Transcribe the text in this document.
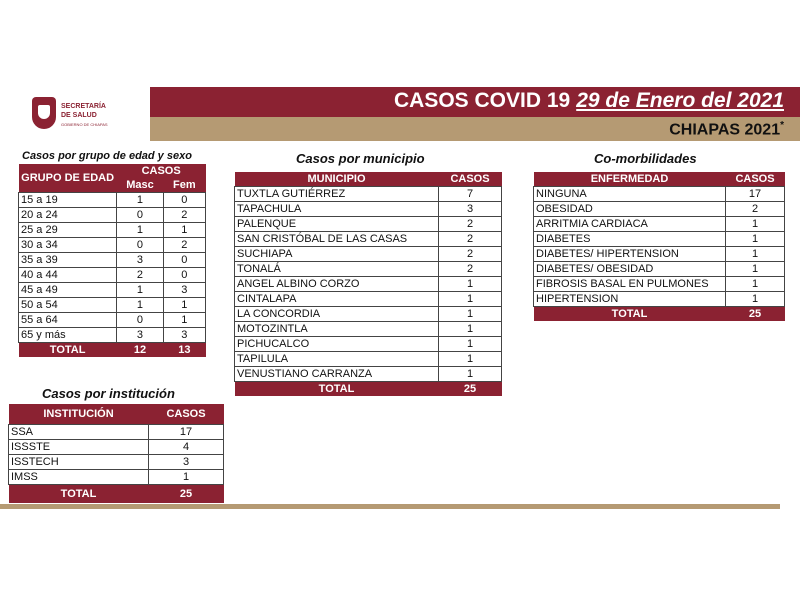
SECRETARÍA
DE SALUD
GOBIERNO DE CHIAPAS
CASOS COVID 19 29 de Enero del 2021
CHIAPAS 2021*
Casos por grupo de edad y sexo
GRUPO DE EDAD	CASOS	
	Masc	Fem
15 a 19	1	0
20 a 24	0	2
25 a 29	1	1
30 a 34	0	2
35 a 39	3	0
40 a 44	2	0
45 a 49	1	3
50 a 54	1	1
55 a 64	0	1
65 y más	3	3
TOTAL	12	13
Casos por municipio
MUNICIPIO	CASOS
TUXTLA GUTIÉRREZ	7
TAPACHULA	3
PALENQUE	2
SAN CRISTÓBAL DE LAS CASAS	2
SUCHIAPA	2
TONALÁ	2
ANGEL ALBINO CORZO	1
CINTALAPA	1
LA CONCORDIA	1
MOTOZINTLA	1
PICHUCALCO	1
TAPILULA	1
VENUSTIANO CARRANZA	1
TOTAL	25
Co-morbilidades
ENFERMEDAD	CASOS
NINGUNA	17
OBESIDAD	2
ARRITMIA CARDIACA	1
DIABETES	1
DIABETES/ HIPERTENSION	1
DIABETES/ OBESIDAD	1
FIBROSIS BASAL EN PULMONES	1
HIPERTENSION	1
TOTAL	25
Casos por institución
INSTITUCIÓN	CASOS
SSA	17
ISSSTE	4
ISSTECH	3
IMSS	1
TOTAL	25
